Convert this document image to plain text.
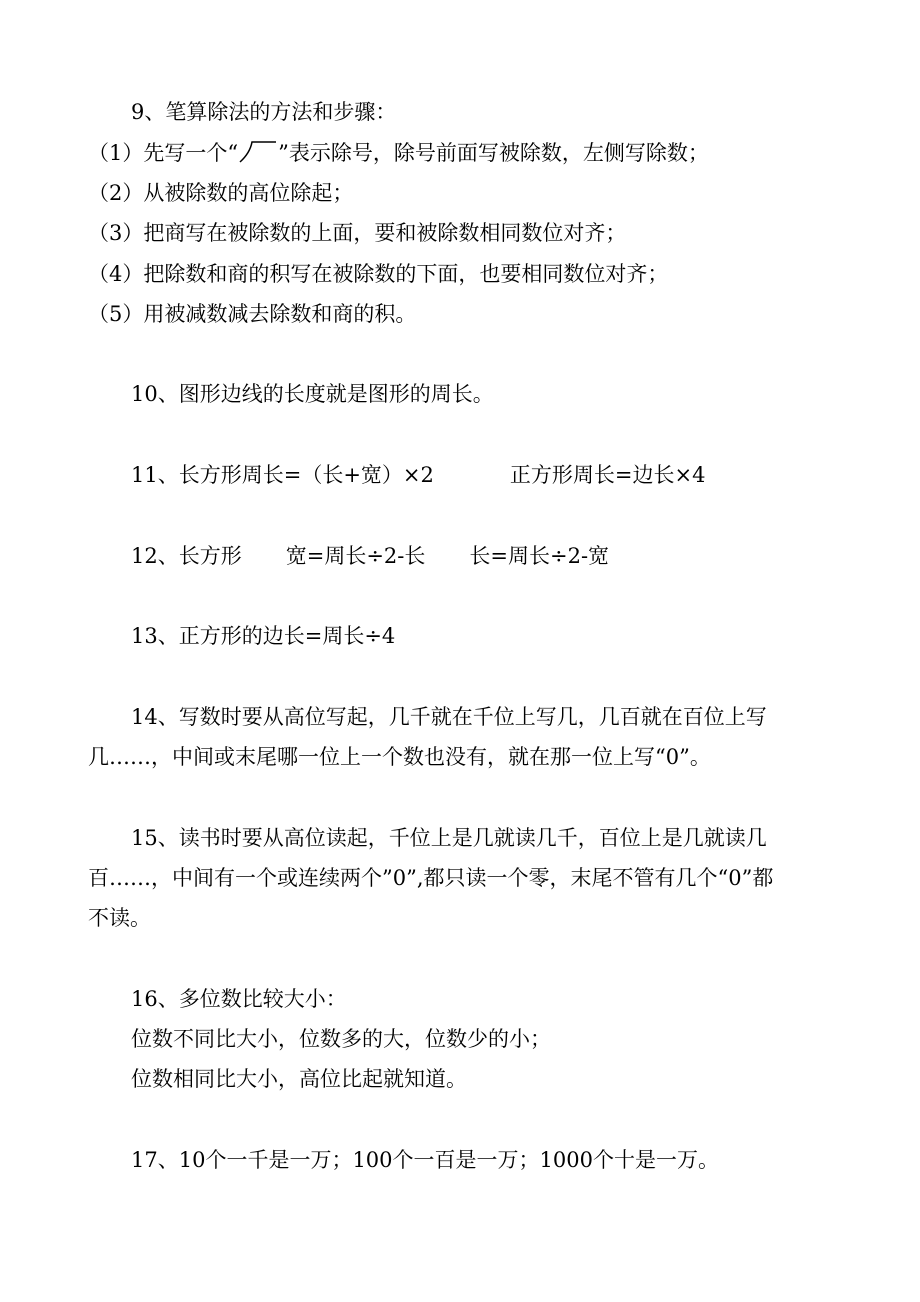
9、笔算除法的方法和步骤：
（1）先写一个“ ”表示除号，除号前面写被除数，左侧写除数；
（2）从被除数的高位除起；
（3）把商写在被除数的上面，要和被除数相同数位对齐；
（4）把除数和商的积写在被除数的下面，也要相同数位对齐；
（5）用被减数减去除数和商的积。
10、图形边线的长度就是图形的周长。
11、长方形周长=（长+宽）×2	正方形周长=边长×4
12、长方形 宽=周长÷2-长 长=周长÷2-宽
13、正方形的边长=周长÷4
14、写数时要从高位写起，几千就在千位上写几，几百就在百位上写
几……，中间或末尾哪一位上一个数也没有，就在那一位上写“0”。
15、读书时要从高位读起，千位上是几就读几千，百位上是几就读几
百……，中间有一个或连续两个”0”,都只读一个零，末尾不管有几个“0”都
不读。
16、多位数比较大小：
位数不同比大小，位数多的大，位数少的小；
位数相同比大小，高位比起就知道。
17、10个一千是一万；100个一百是一万；1000个十是一万。
